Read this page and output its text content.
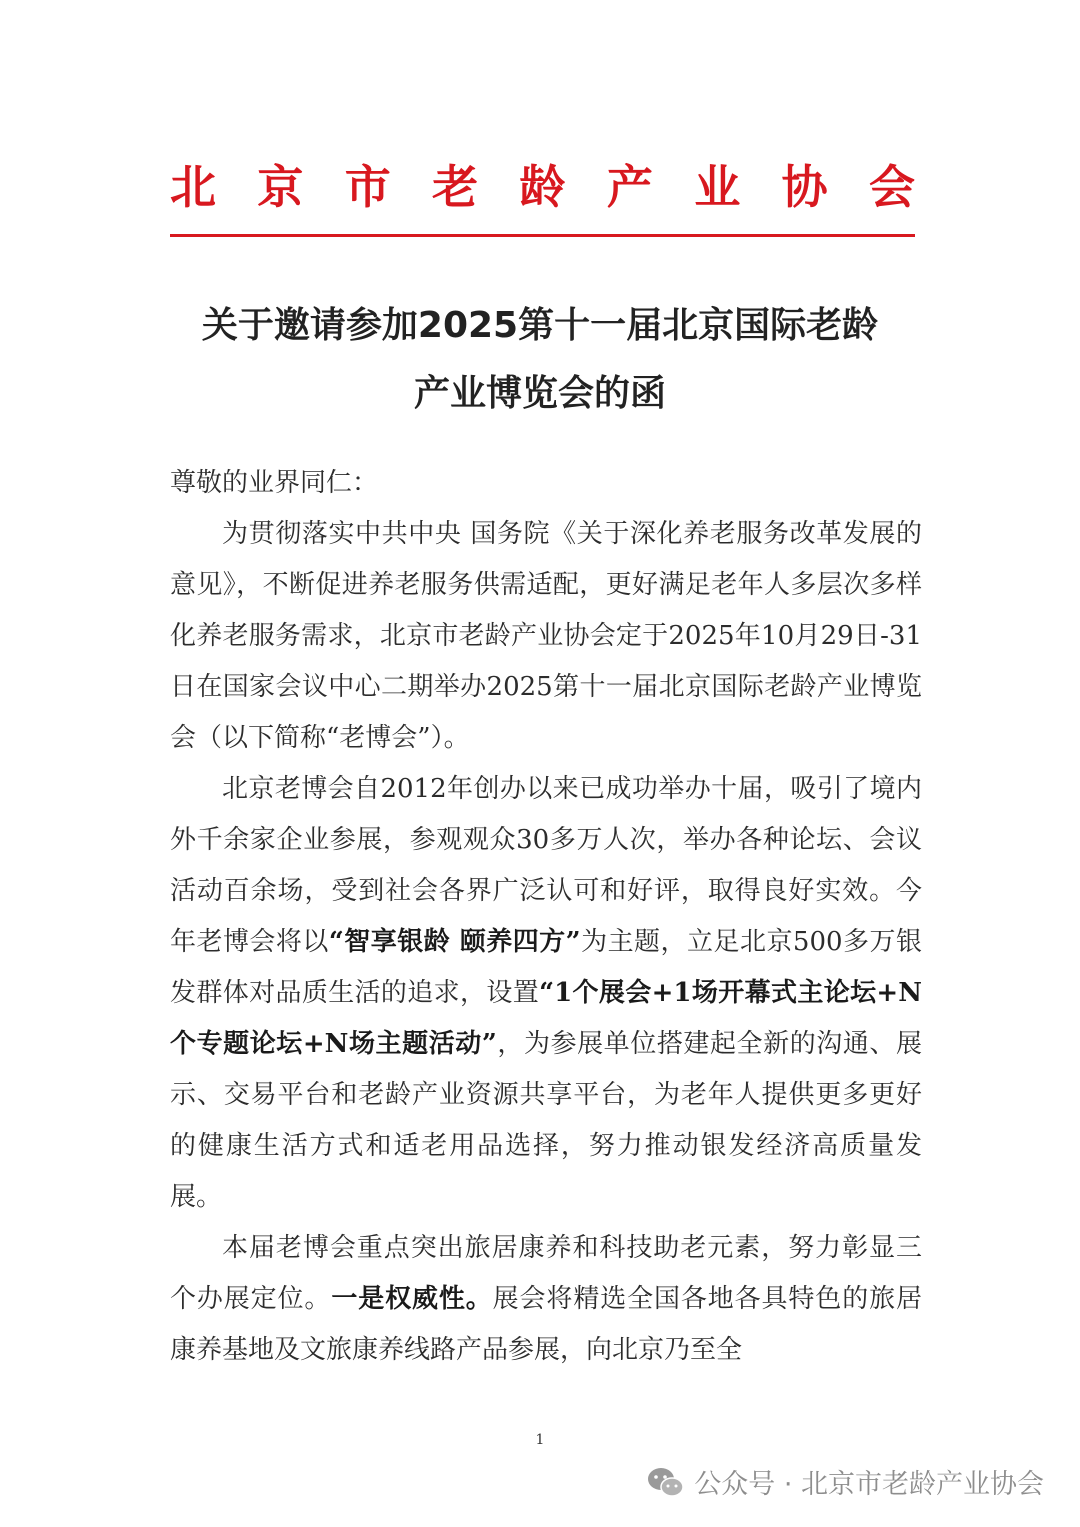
北 京 市 老 龄 产 业 协 会
关于邀请参加2025第十一届北京国际老龄
产业博览会的函

尊敬的业界同仁：

为贯彻落实中共中央 国务院《关于深化养老服务改革发展的意见》，不断促进养老服务供需适配，更好满足老年人多层次多样化养老服务需求，北京市老龄产业协会定于2025年10月29日-31日在国家会议中心二期举办2025第十一届北京国际老龄产业博览会（以下简称“老博会”）。

北京老博会自2012年创办以来已成功举办十届，吸引了境内外千余家企业参展，参观观众30多万人次，举办各种论坛、会议活动百余场，受到社会各界广泛认可和好评，取得良好实效。今年老博会将以“智享银龄 颐养四方”为主题，立足北京500多万银发群体对品质生活的追求，设置“1个展会+1场开幕式主论坛+N个专题论坛+N场主题活动”，为参展单位搭建起全新的沟通、展示、交易平台和老龄产业资源共享平台，为老年人提供更多更好的健康生活方式和适老用品选择，努力推动银发经济高质量发展。

本届老博会重点突出旅居康养和科技助老元素，努力彰显三个办展定位。一是权威性。展会将精选全国各地各具特色的旅居康养基地及文旅康养线路产品参展，向北京乃至全

1
公众号 · 北京市老龄产业协会
